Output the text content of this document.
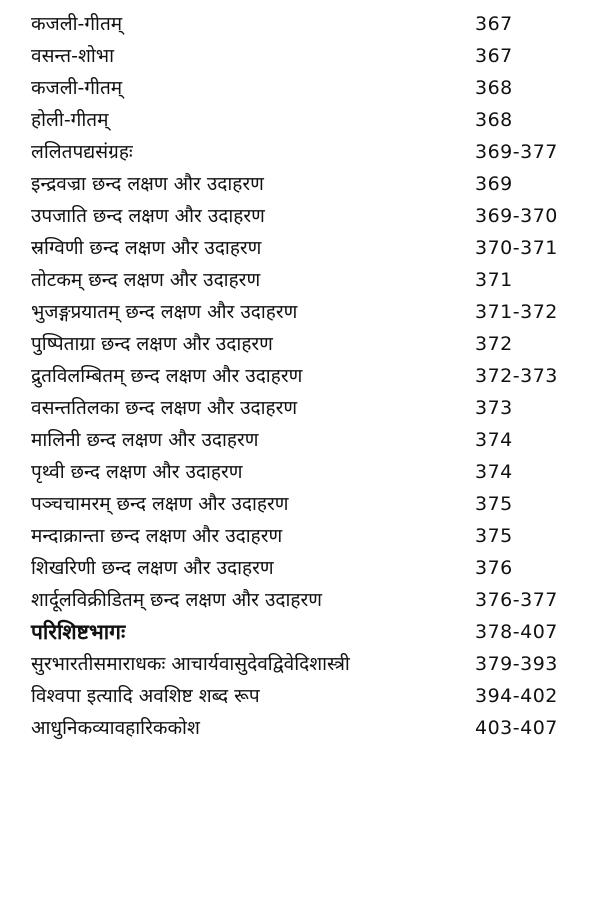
कजली-गीतम्	367
वसन्त-शोभा	367
कजली-गीतम्	368
होली-गीतम्	368
ललितपद्यसंग्रहः	369-377
इन्द्रवज्रा छन्द लक्षण और उदाहरण	369
उपजाति छन्द लक्षण और उदाहरण	369-370
स्रग्विणी छन्द लक्षण और उदाहरण	370-371
तोटकम् छन्द लक्षण और उदाहरण	371
भुजङ्गप्रयातम् छन्द लक्षण और उदाहरण	371-372
पुष्पिताग्रा छन्द लक्षण और उदाहरण	372
द्रुतविलम्बितम् छन्द लक्षण और उदाहरण	372-373
वसन्ततिलका छन्द लक्षण और उदाहरण	373
मालिनी छन्द लक्षण और उदाहरण	374
पृथ्वी छन्द लक्षण और उदाहरण	374
पञ्चचामरम् छन्द लक्षण और उदाहरण	375
मन्दाक्रान्ता छन्द लक्षण और उदाहरण	375
शिखरिणी छन्द लक्षण और उदाहरण	376
शार्दूलविक्रीडितम् छन्द लक्षण और उदाहरण	376-377
परिशिष्टभागः	378-407
सुरभारतीसमाराधकः आचार्यवासुदेवद्विवेदिशास्त्री	379-393
विश्वपा इत्यादि अवशिष्ट शब्द रूप	394-402
आधुनिकव्यावहारिककोश	403-407
